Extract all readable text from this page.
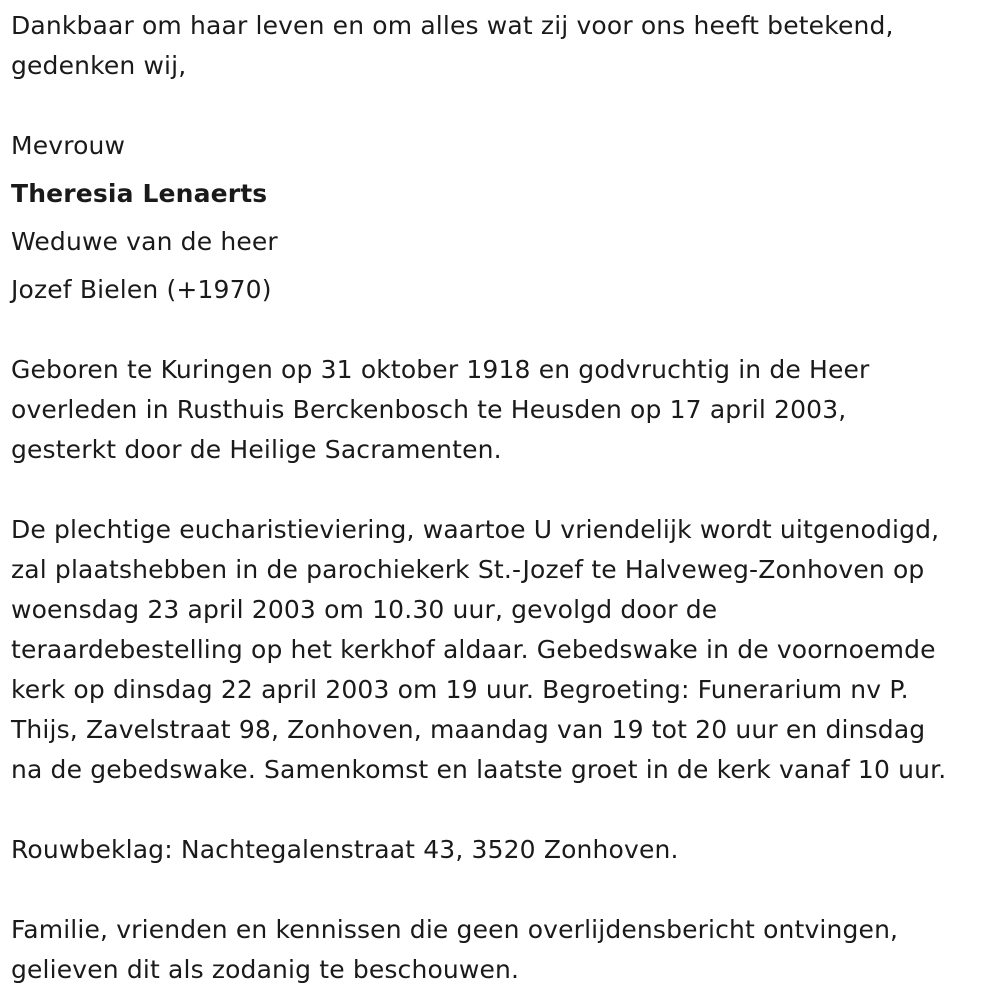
Dankbaar om haar leven en om alles wat zij voor ons heeft betekend,
gedenken wij,
Mevrouw
Theresia Lenaerts
Weduwe van de heer
Jozef Bielen (+1970)
Geboren te Kuringen op 31 oktober 1918 en godvruchtig in de Heer
overleden in Rusthuis Berckenbosch te Heusden op 17 april 2003,
gesterkt door de Heilige Sacramenten.
De plechtige eucharistieviering, waartoe U vriendelijk wordt uitgenodigd,
zal plaatshebben in de parochiekerk St.-Jozef te Halveweg-Zonhoven op
woensdag 23 april 2003 om 10.30 uur, gevolgd door de
teraardebestelling op het kerkhof aldaar. Gebedswake in de voornoemde
kerk op dinsdag 22 april 2003 om 19 uur. Begroeting: Funerarium nv P.
Thijs, Zavelstraat 98, Zonhoven, maandag van 19 tot 20 uur en dinsdag
na de gebedswake. Samenkomst en laatste groet in de kerk vanaf 10 uur.
Rouwbeklag: Nachtegalenstraat 43, 3520 Zonhoven.
Familie, vrienden en kennissen die geen overlijdensbericht ontvingen,
gelieven dit als zodanig te beschouwen.
